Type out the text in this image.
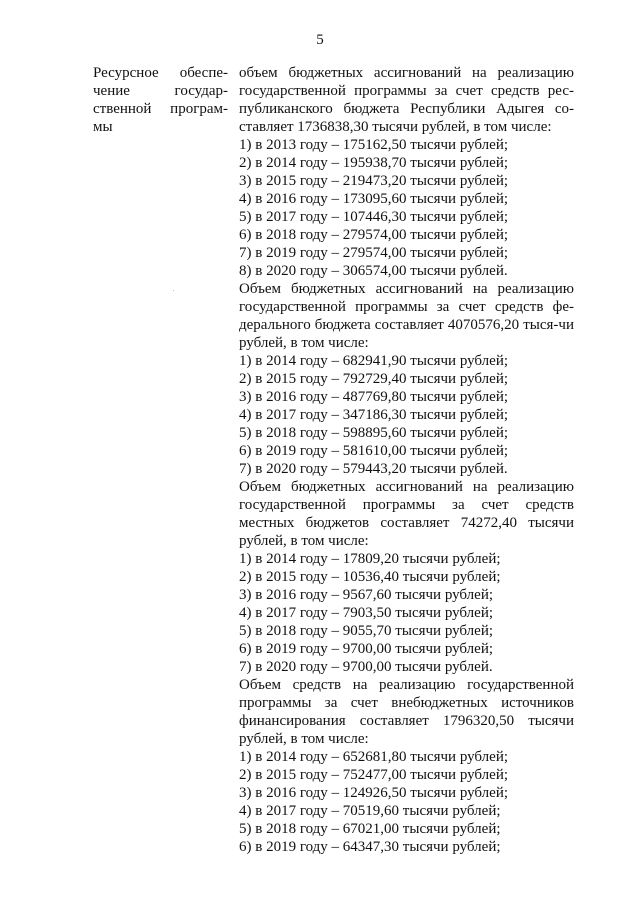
5
Ресурсное обеспе-чение государ-ственной програм-мы

объем бюджетных ассигнований на реализацию государственной программы за счет средств рес-публиканского бюджета Республики Адыгея со-ставляет 1736838,30 тысячи рублей, в том числе:

1) в 2013 году – 175162,50 тысячи рублей;

2) в 2014 году – 195938,70 тысячи рублей;

3) в 2015 году – 219473,20 тысячи рублей;

4) в 2016 году – 173095,60 тысячи рублей;

5) в 2017 году – 107446,30 тысячи рублей;

6) в 2018 году – 279574,00 тысячи рублей;

7) в 2019 году – 279574,00 тысячи рублей;

8) в 2020 году – 306574,00 тысячи рублей.

Объем бюджетных ассигнований на реализацию государственной программы за счет средств фе-дерального бюджета составляет 4070576,20 тыся-чи рублей, в том числе:

1) в 2014 году – 682941,90 тысячи рублей;

2) в 2015 году – 792729,40 тысячи рублей;

3) в 2016 году – 487769,80 тысячи рублей;

4) в 2017 году – 347186,30 тысячи рублей;

5) в 2018 году – 598895,60 тысячи рублей;

6) в 2019 году – 581610,00 тысячи рублей;

7) в 2020 году – 579443,20 тысячи рублей.

Объем бюджетных ассигнований на реализацию государственной программы за счет средств местных бюджетов составляет 74272,40 тысячи рублей, в том числе:

1) в 2014 году – 17809,20 тысячи рублей;

2) в 2015 году – 10536,40 тысячи рублей;

3) в 2016 году – 9567,60 тысячи рублей;

4) в 2017 году – 7903,50 тысячи рублей;

5) в 2018 году – 9055,70 тысячи рублей;

6) в 2019 году – 9700,00 тысячи рублей;

7) в 2020 году – 9700,00 тысячи рублей.

Объем средств на реализацию государственной программы за счет внебюджетных источников финансирования составляет 1796320,50 тысячи рублей, в том числе:

1) в 2014 году – 652681,80 тысячи рублей;

2) в 2015 году – 752477,00 тысячи рублей;

3) в 2016 году – 124926,50 тысячи рублей;

4) в 2017 году – 70519,60 тысячи рублей;

5) в 2018 году – 67021,00 тысячи рублей;

6) в 2019 году – 64347,30 тысячи рублей;
